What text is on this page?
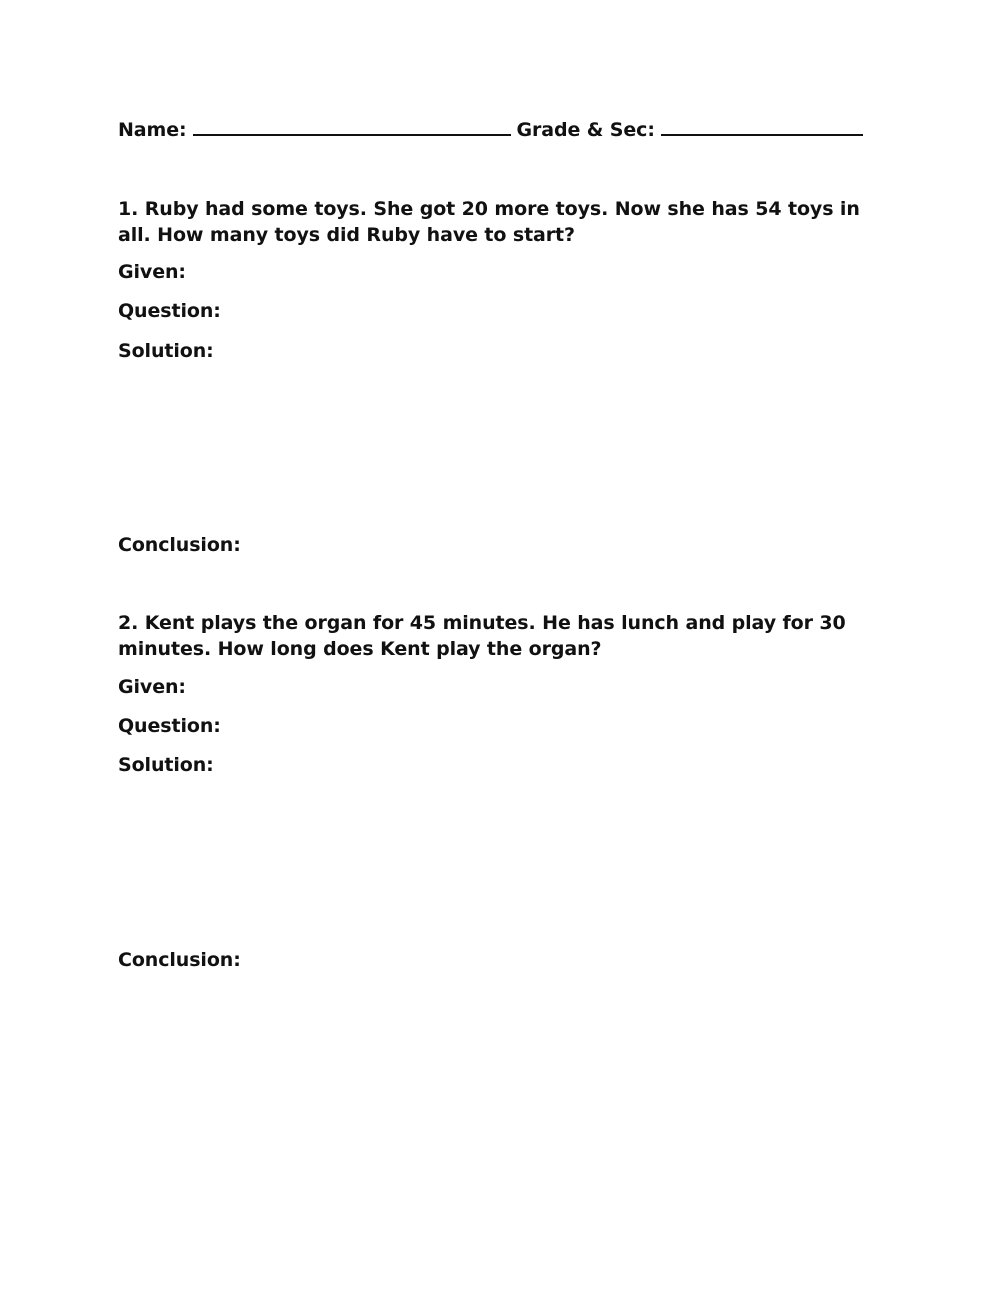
Name:	Grade & Sec:
1. Ruby had some toys. She got 20 more toys. Now she has 54 toys in all. How many toys did Ruby have to start?
Given:
Question:
Solution:
Conclusion:
2. Kent plays the organ for 45 minutes. He has lunch and play for 30 minutes. How long does Kent play the organ?
Given:
Question:
Solution:
Conclusion:
